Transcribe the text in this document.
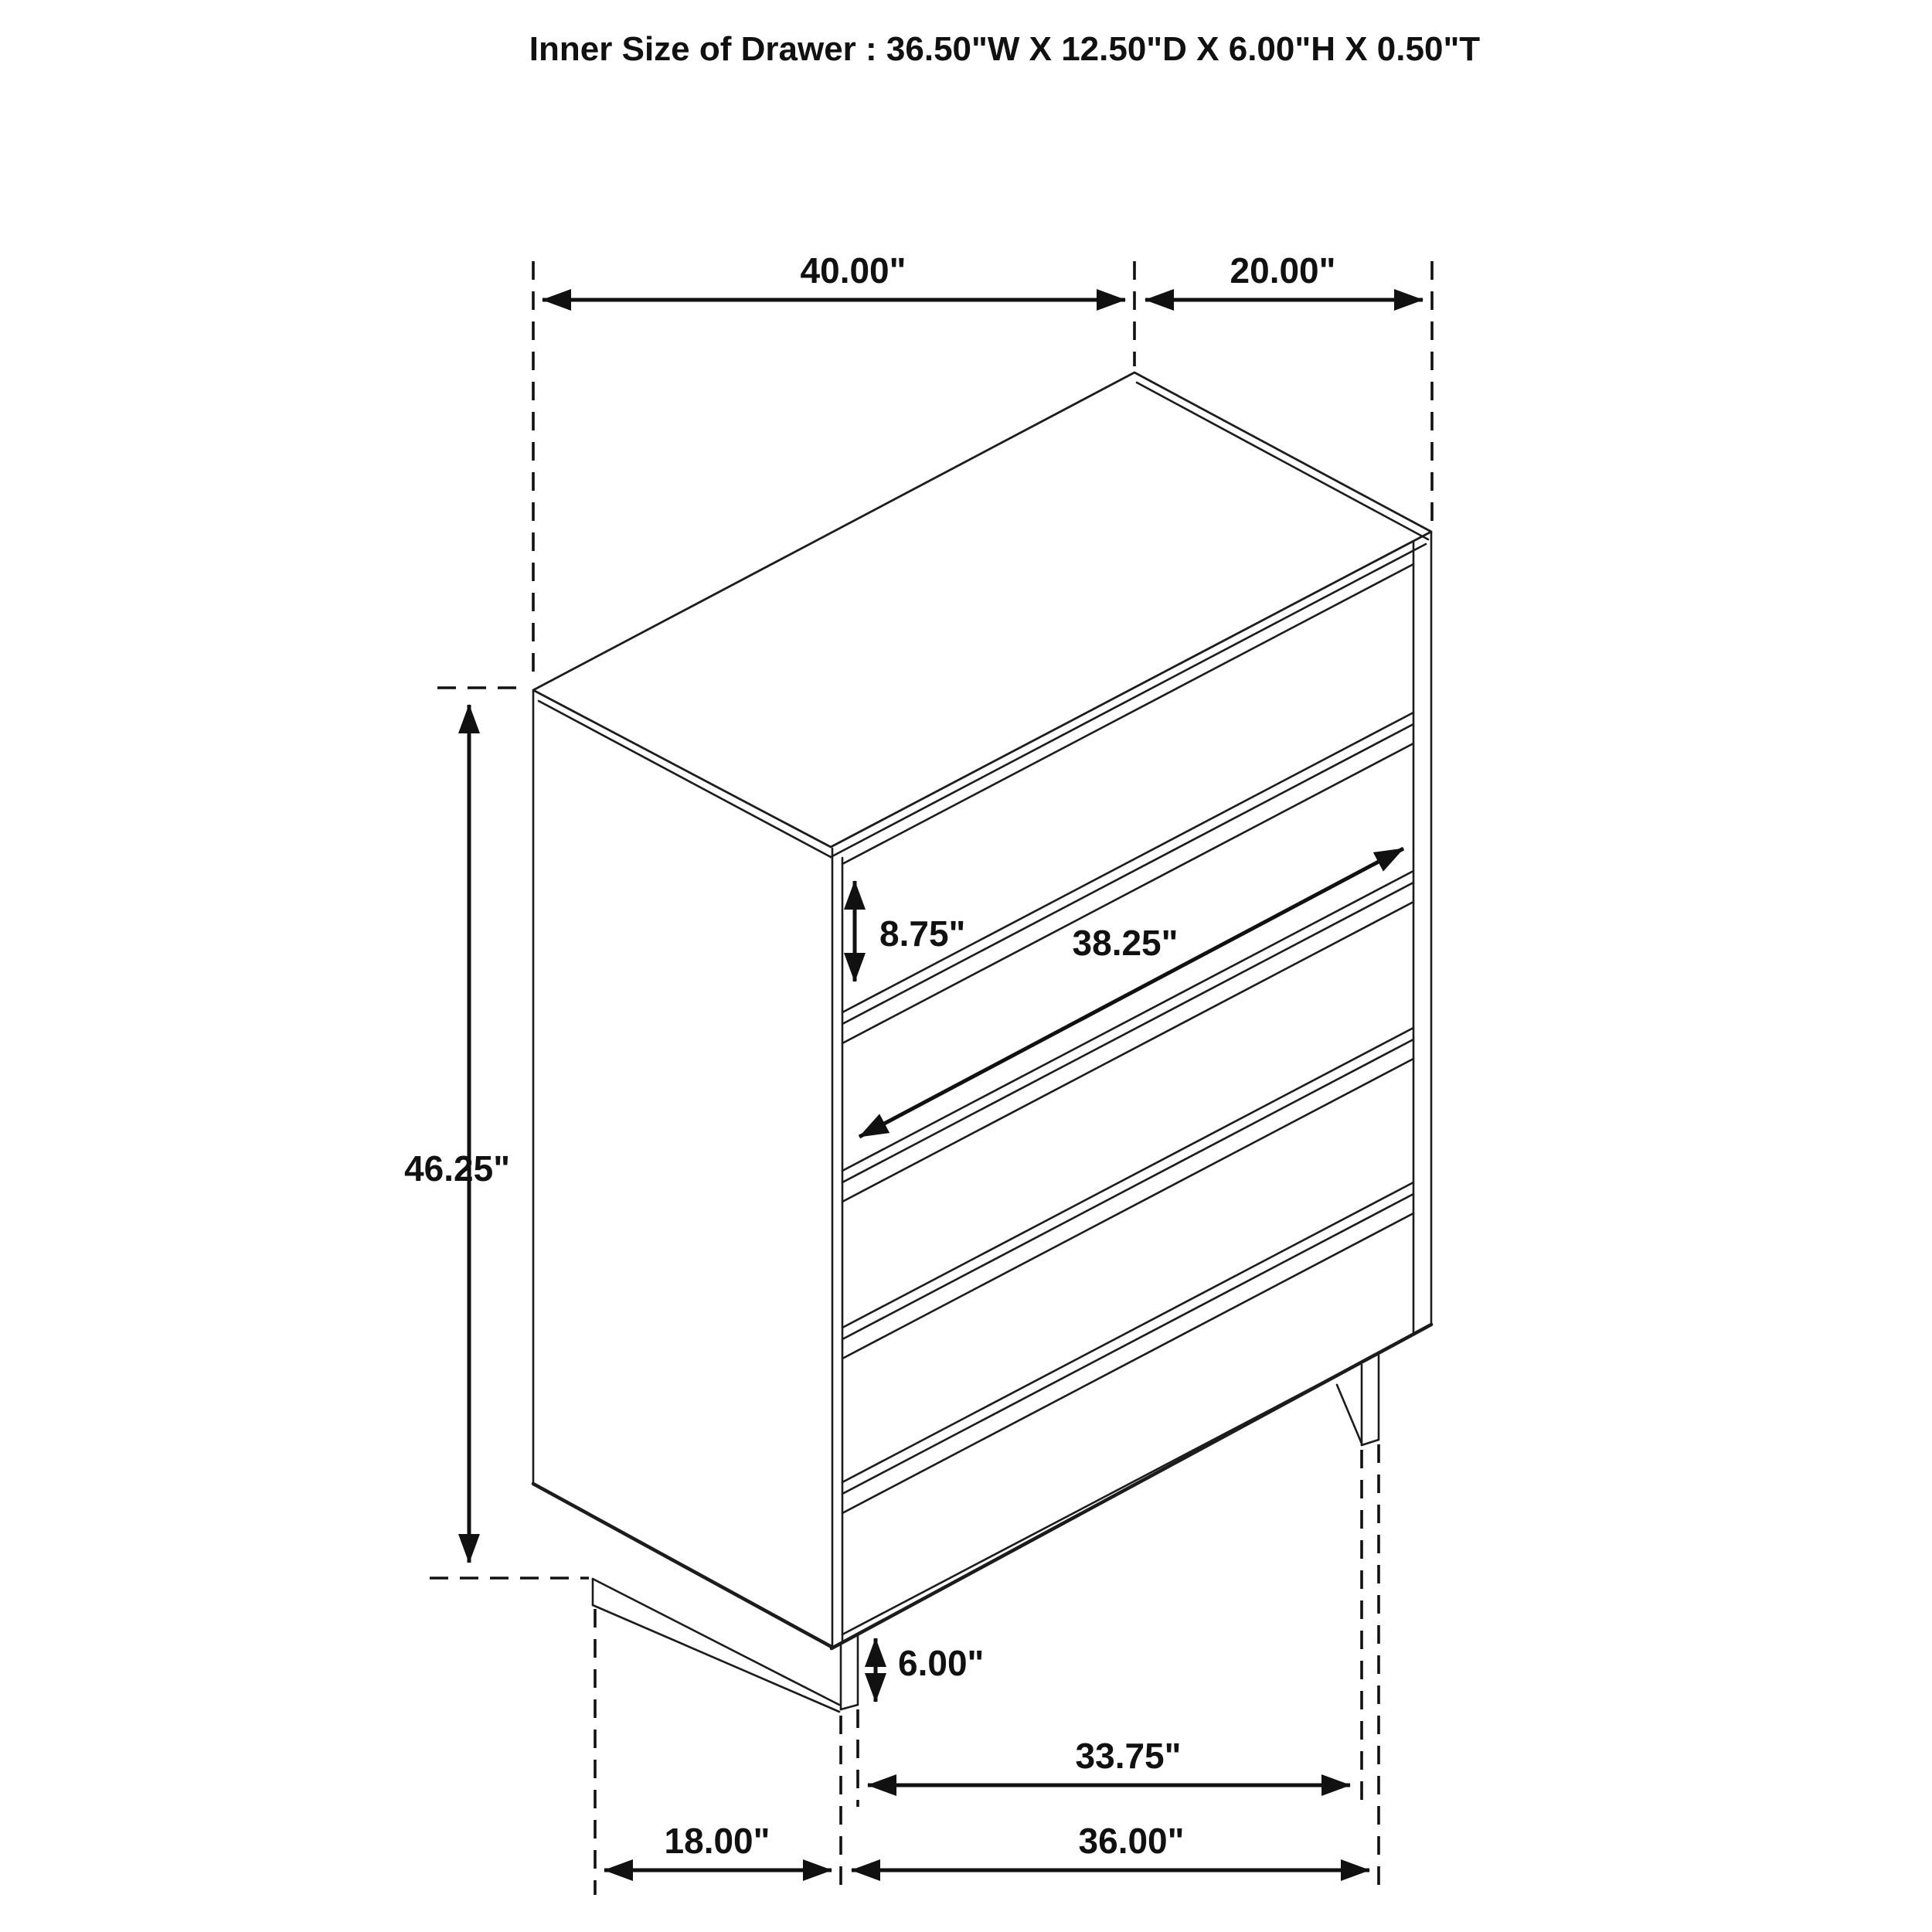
Inner Size of Drawer : 36.50"W X 12.50"D X 6.00"H X 0.50"T
40.00"	20.00"
46.25"
8.75"	38.25"
6.00"
33.75"
18.00"	36.00"
